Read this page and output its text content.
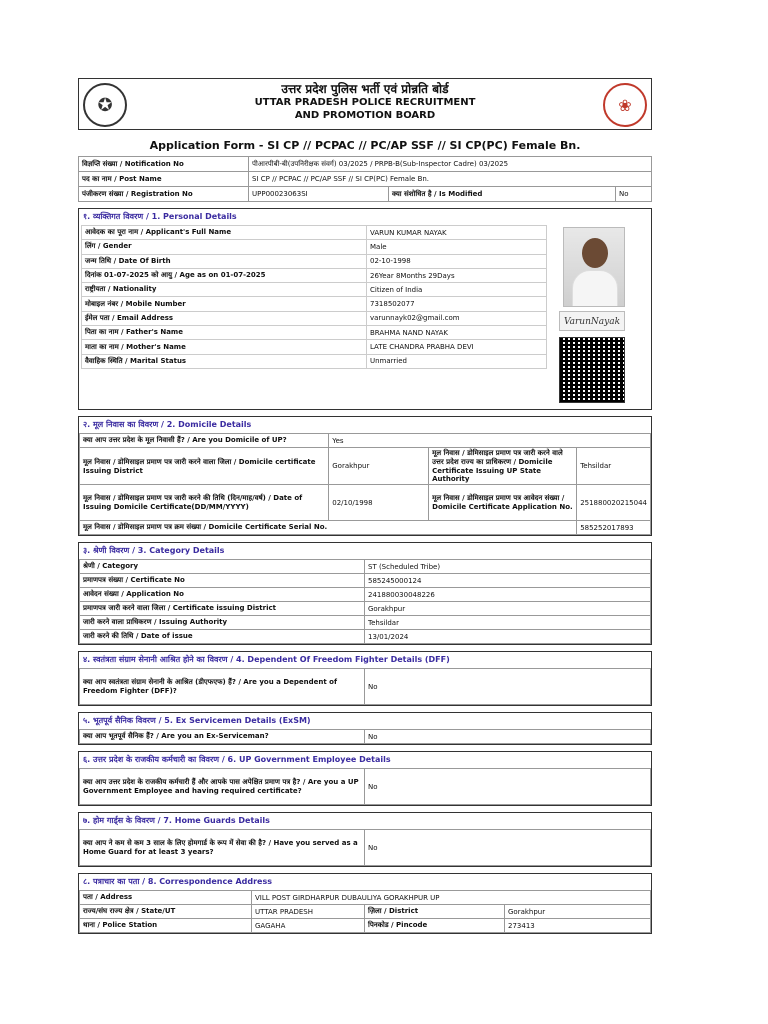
✪
उत्तर प्रदेश पुलिस भर्ती एवं प्रोन्नति बोर्ड
UTTAR PRADESH POLICE RECRUITMENT
AND PROMOTION BOARD
❀
Application Form - SI CP // PCPAC // PC/AP SSF // SI CP(PC) Female Bn.
विज्ञप्ति संख्या / Notification No	पीआरपीबी-बी(उपनिरीक्षक संवर्ग) 03/2025 / PRPB-B(Sub-Inspector Cadre) 03/2025		
पद का नाम / Post Name	SI CP // PCPAC // PC/AP SSF // SI CP(PC) Female Bn.		
पंजीकरण संख्या / Registration No	UPP00023063SI	क्या संशोधित है / Is Modified	No
१. व्यक्तिगत विवरण / 1. Personal Details
आवेदक का पूरा नाम / Applicant's Full Name	VARUN KUMAR NAYAK
लिंग / Gender	Male
जन्म तिथि / Date Of Birth	02-10-1998
दिनांक 01-07-2025 को आयु / Age as on 01-07-2025	26Year 8Months 29Days
राष्ट्रीयता / Nationality	Citizen of India
मोबाइल नंबर / Mobile Number	7318502077
ईमेल पता / Email Address	varunnayk02@gmail.com
पिता का नाम / Father's Name	BRAHMA NAND NAYAK
माता का नाम / Mother's Name	LATE CHANDRA PRABHA DEVI
वैवाहिक स्थिति / Marital Status	Unmarried
VarunNayak
२. मूल निवास का विवरण / 2. Domicile Details
क्या आप उत्तर प्रदेश के मूल निवासी हैं? / Are you Domicile of UP?	Yes		
मूल निवास / डोमिसाइल प्रमाण पत्र जारी करने वाला जिला / Domicile certificate Issuing District	Gorakhpur	मूल निवास / डोमिसाइल प्रमाण पत्र जारी करने वाले उत्तर प्रदेश राज्य का प्राधिकरण / Domicile Certificate Issuing UP State Authority	Tehsildar
मूल निवास / डोमिसाइल प्रमाण पत्र जारी करने की तिथि (दिन/माह/वर्ष) / Date of Issuing Domicile Certificate(DD/MM/YYYY)	02/10/1998	मूल निवास / डोमिसाइल प्रमाण पत्र आवेदन संख्या / Domicile Certificate Application No.	251880020215044
मूल निवास / डोमिसाइल प्रमाण पत्र क्रम संख्या / Domicile Certificate Serial No.			585252017893
३. श्रेणी विवरण / 3. Category Details
श्रेणी / Category	ST (Scheduled Tribe)
प्रमाणपत्र संख्या / Certificate No	585245000124
आवेदन संख्या / Application No	241880030048226
प्रमाणपत्र जारी करने वाला जिला / Certificate issuing District	Gorakhpur
जारी करने वाला प्राधिकरण / Issuing Authority	Tehsildar
जारी करने की तिथि / Date of issue	13/01/2024
४. स्वतंत्रता संग्राम सेनानी आश्रित होने का विवरण / 4. Dependent Of Freedom Fighter Details (DFF)
क्या आप स्वतंत्रता संग्राम सेनानी के आश्रित (डीएफएफ) हैं? / Are you a Dependent of Freedom Fighter (DFF)?	No
५. भूतपूर्व सैनिक विवरण / 5. Ex Servicemen Details (ExSM)
क्या आप भूतपूर्व सैनिक हैं? / Are you an Ex-Serviceman?	No
६. उत्तर प्रदेश के राजकीय कर्मचारी का विवरण / 6. UP Government Employee Details
क्या आप उत्तर प्रदेश के राजकीय कर्मचारी हैं और आपके पास अपेक्षित प्रमाण पत्र है? / Are you a UP Government Employee and having required certificate?	No
७. होम गार्ड्स के विवरण / 7. Home Guards Details
क्या आप ने कम से कम 3 साल के लिए होमगार्ड के रूप में सेवा की है? / Have you served as a Home Guard for at least 3 years?	No
८. पत्राचार का पता / 8. Correspondence Address
पता / Address	VILL POST GIRDHARPUR DUBAULIYA GORAKHPUR UP		
राज्य/संघ राज्य क्षेत्र / State/UT	UTTAR PRADESH	ज़िला / District	Gorakhpur
थाना / Police Station	GAGAHA	पिनकोड / Pincode	273413
